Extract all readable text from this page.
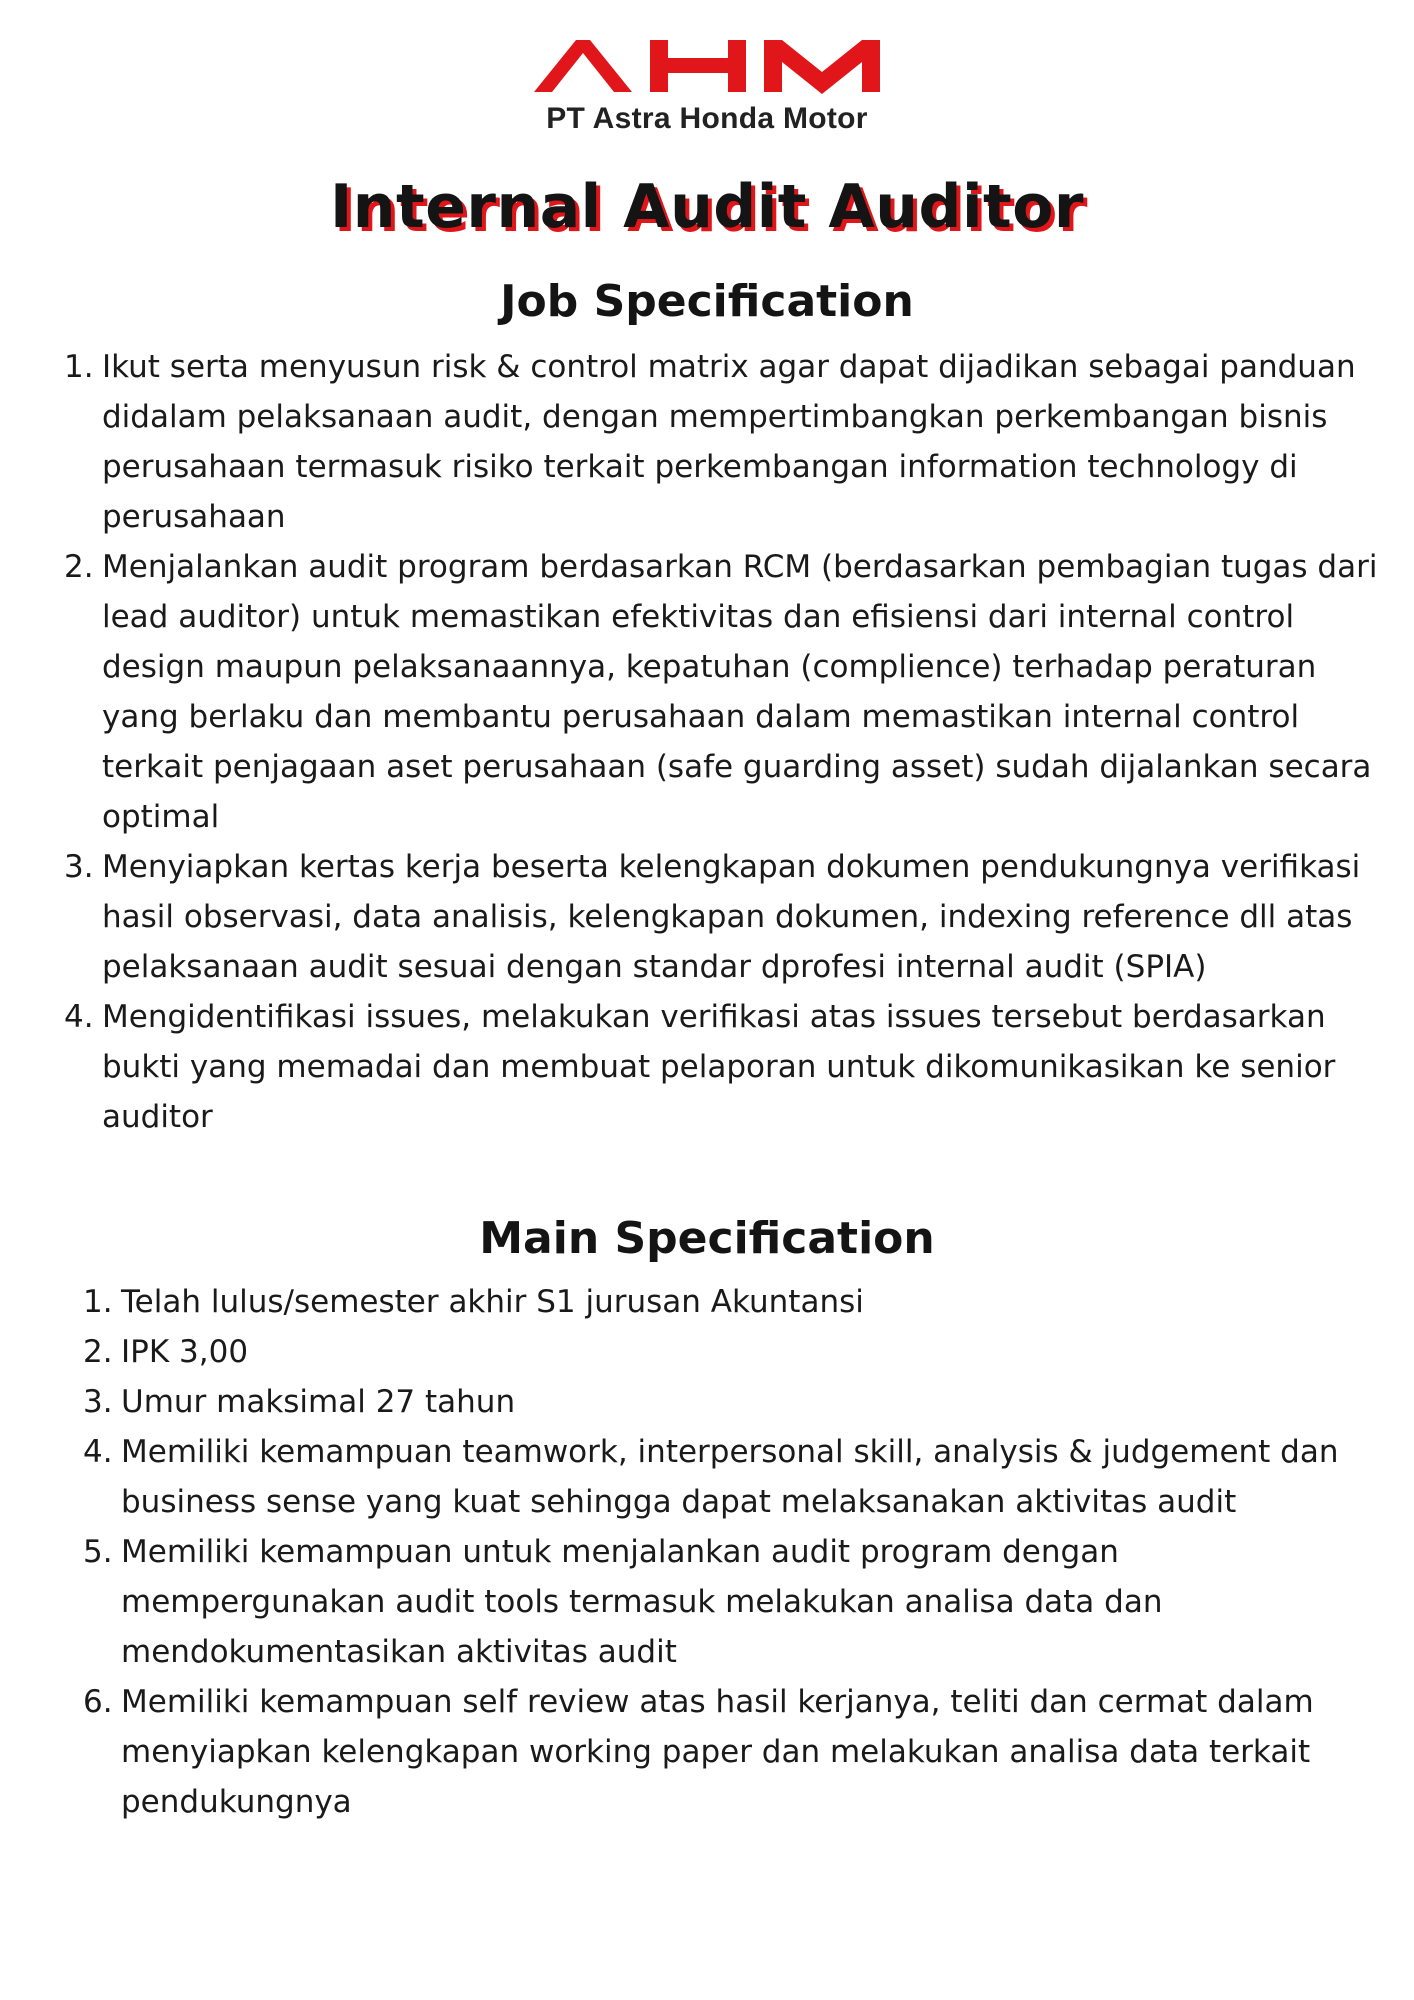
PT Astra Honda Motor
Internal Audit Auditor
Job Specification
1. Ikut serta menyusun risk & control matrix agar dapat dijadikan sebagai panduan didalam pelaksanaan audit, dengan mempertimbangkan perkembangan bisnis perusahaan termasuk risiko terkait perkembangan information technology di perusahaan
2. Menjalankan audit program berdasarkan RCM (berdasarkan pembagian tugas dari lead auditor) untuk memastikan efektivitas dan efisiensi dari internal control design maupun pelaksanaannya, kepatuhan (complience) terhadap peraturan yang berlaku dan membantu perusahaan dalam memastikan internal control terkait penjagaan aset perusahaan (safe guarding asset) sudah dijalankan secara optimal
3. Menyiapkan kertas kerja beserta kelengkapan dokumen pendukungnya verifikasi hasil observasi, data analisis, kelengkapan dokumen, indexing reference dll atas pelaksanaan audit sesuai dengan standar dprofesi internal audit (SPIA)
4. Mengidentifikasi issues, melakukan verifikasi atas issues tersebut berdasarkan bukti yang memadai dan membuat pelaporan untuk dikomunikasikan ke senior auditor
Main Specification
1. Telah lulus/semester akhir S1 jurusan Akuntansi
2. IPK 3,00
3. Umur maksimal 27 tahun
4. Memiliki kemampuan teamwork, interpersonal skill, analysis & judgement dan business sense yang kuat sehingga dapat melaksanakan aktivitas audit
5. Memiliki kemampuan untuk menjalankan audit program dengan mempergunakan audit tools termasuk melakukan analisa data dan mendokumentasikan aktivitas audit
6. Memiliki kemampuan self review atas hasil kerjanya, teliti dan cermat dalam menyiapkan kelengkapan working paper dan melakukan analisa data terkait pendukungnya
